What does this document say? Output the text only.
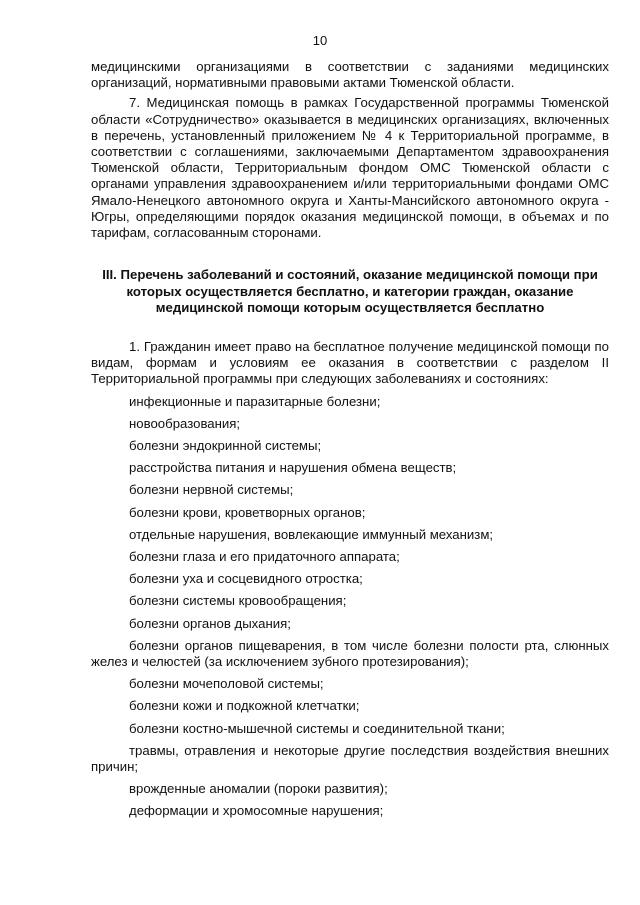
10

медицинскими организациями в соответствии с заданиями медицинских организаций, нормативными правовыми актами Тюменской области.

7. Медицинская помощь в рамках Государственной программы Тюменской области «Сотрудничество» оказывается в медицинских организациях, включенных в перечень, установленный приложением № 4 к Территориальной программе, в соответствии с соглашениями, заключаемыми Департаментом здравоохранения Тюменской области, Территориальным фондом ОМС Тюменской области с органами управления здравоохранением и/или территориальными фондами ОМС Ямало-Ненецкого автономного округа и Ханты-Мансийского автономного округа - Югры, определяющими порядок оказания медицинской помощи, в объемах и по тарифам, согласованным сторонами.

III. Перечень заболеваний и состояний, оказание медицинской помощи при которых осуществляется бесплатно, и категории граждан, оказание медицинской помощи которым осуществляется бесплатно

1. Гражданин имеет право на бесплатное получение медицинской помощи по видам, формам и условиям ее оказания в соответствии с разделом II Территориальной программы при следующих заболеваниях и состояниях:

инфекционные и паразитарные болезни;

новообразования;

болезни эндокринной системы;

расстройства питания и нарушения обмена веществ;

болезни нервной системы;

болезни крови, кроветворных органов;

отдельные нарушения, вовлекающие иммунный механизм;

болезни глаза и его придаточного аппарата;

болезни уха и сосцевидного отростка;

болезни системы кровообращения;

болезни органов дыхания;

болезни органов пищеварения, в том числе болезни полости рта, слюнных желез и челюстей (за исключением зубного протезирования);

болезни мочеполовой системы;

болезни кожи и подкожной клетчатки;

болезни костно-мышечной системы и соединительной ткани;

травмы, отравления и некоторые другие последствия воздействия внешних причин;

врожденные аномалии (пороки развития);

деформации и хромосомные нарушения;
